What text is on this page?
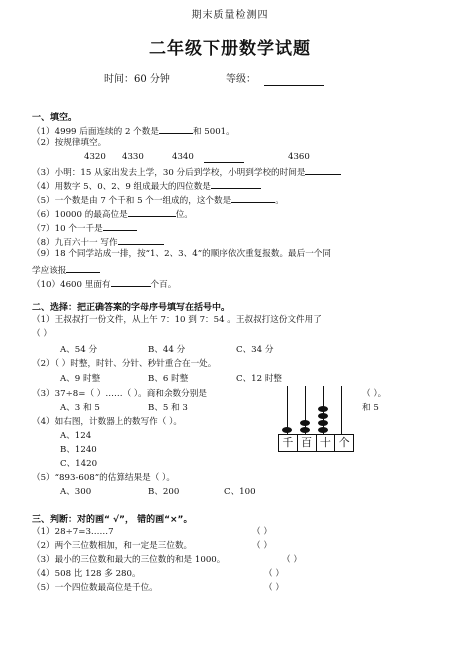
期末质量检测四
二年级下册数学试题
时间：60 分钟	等级：
一、填空。
（1）4999 后面连续的 2 个数是	和 5001。
（2）按规律填空。
4320 4330	4340	4360
（3）小明：15 从家出发去上学，30 分后到学校，小明到学校的时间是
（4）用数字 5、0、2、9 组成最大的四位数是
（5）一个数是由 7 个千和 5 个一组成的，这个数是	。
（6）10000 的最高位是	位。
（7）10 个一千是
（8）九百六十一 写作
（9）18 个同学站成一排，按“1、2、3、4”的顺序依次重复报数。最后一个同
学应该报
（10）4600 里面有	个百。
二、选择：把正确答案的字母序号填写在括号中。
（1）王叔叔打一份文件，从上午 7：10 到 7：54 。王叔叔打这份文件用了
（ ）
A、54 分	B、44 分	C、34 分
（2）（ ）时整，时针、分针、秒针重合在一处。
A、9 时整	B、6 时整	C、12 时整
（3）37÷8=（ ）……（ ）。商和余数分别是	（ ）。
A、3 和 5	B、5 和 3	和 5
（4）如右图，计数器上的数写作（ ）。
A、124
B、1240
C、1420
千 百 十 个
（5）“893-608”的估算结果是（ ）。
A、300	B、200	C、100
三、判断：对的画“ √”， 错的画“×”。
（1）28÷7=3……7	（ ）
（2）两个三位数相加，和一定是三位数。	（ ）
（3）最小的三位数和最大的三位数的和是 1000。	（ ）
（4）508 比 128 多 280。	（ ）
（5）一个四位数最高位是千位。	（ ）
